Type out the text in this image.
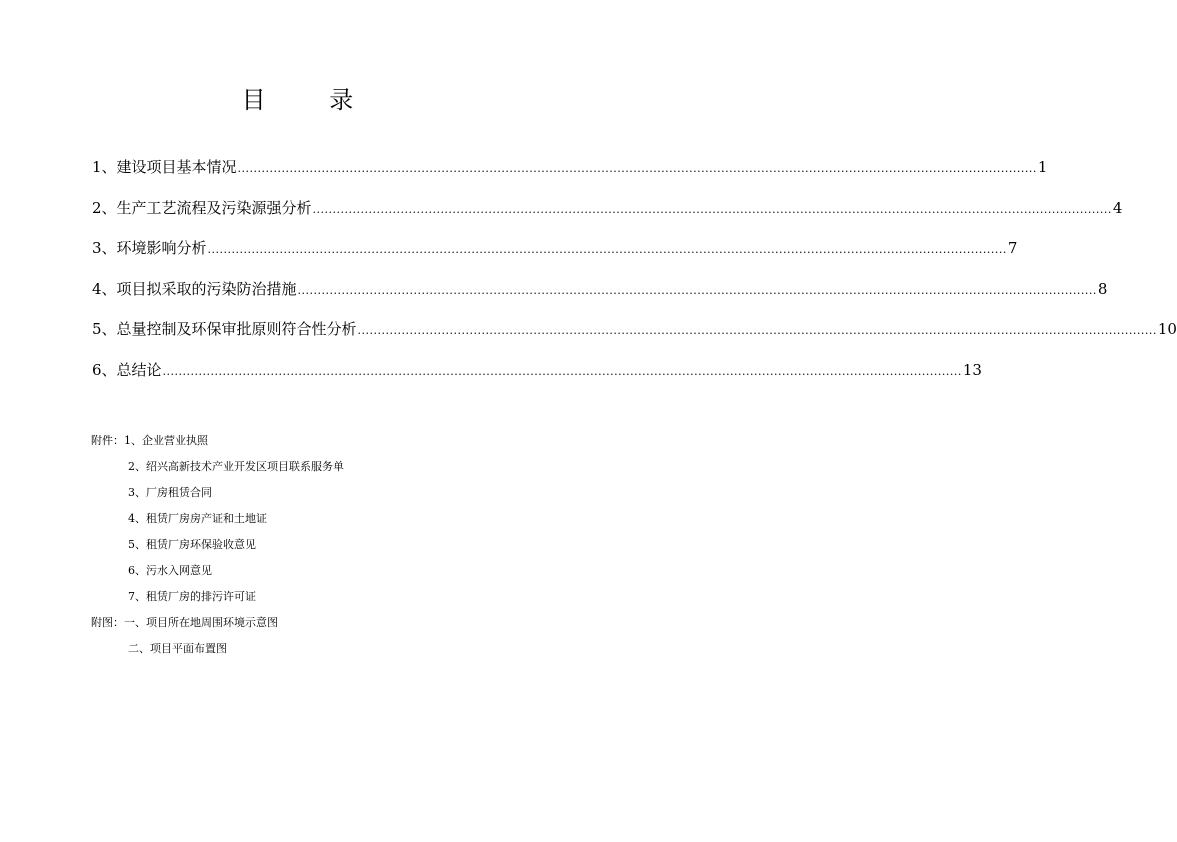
目 录
1、建设项目基本情况 ........................................................................................................................................................................................................ 1
2、生产工艺流程及污染源强分析 ........................................................................................................................................................................................................ 4
3、环境影响分析 ........................................................................................................................................................................................................ 7
4、项目拟采取的污染防治措施 ........................................................................................................................................................................................................ 8
5、总量控制及环保审批原则符合性分析 ........................................................................................................................................................................................................ 10
6、总结论 ........................................................................................................................................................................................................ 13
附件：1、企业营业执照
2、绍兴高新技术产业开发区项目联系服务单
3、厂房租赁合同
4、租赁厂房房产证和土地证
5、租赁厂房环保验收意见
6、污水入网意见
7、租赁厂房的排污许可证
附图：一、项目所在地周围环境示意图
二、项目平面布置图
